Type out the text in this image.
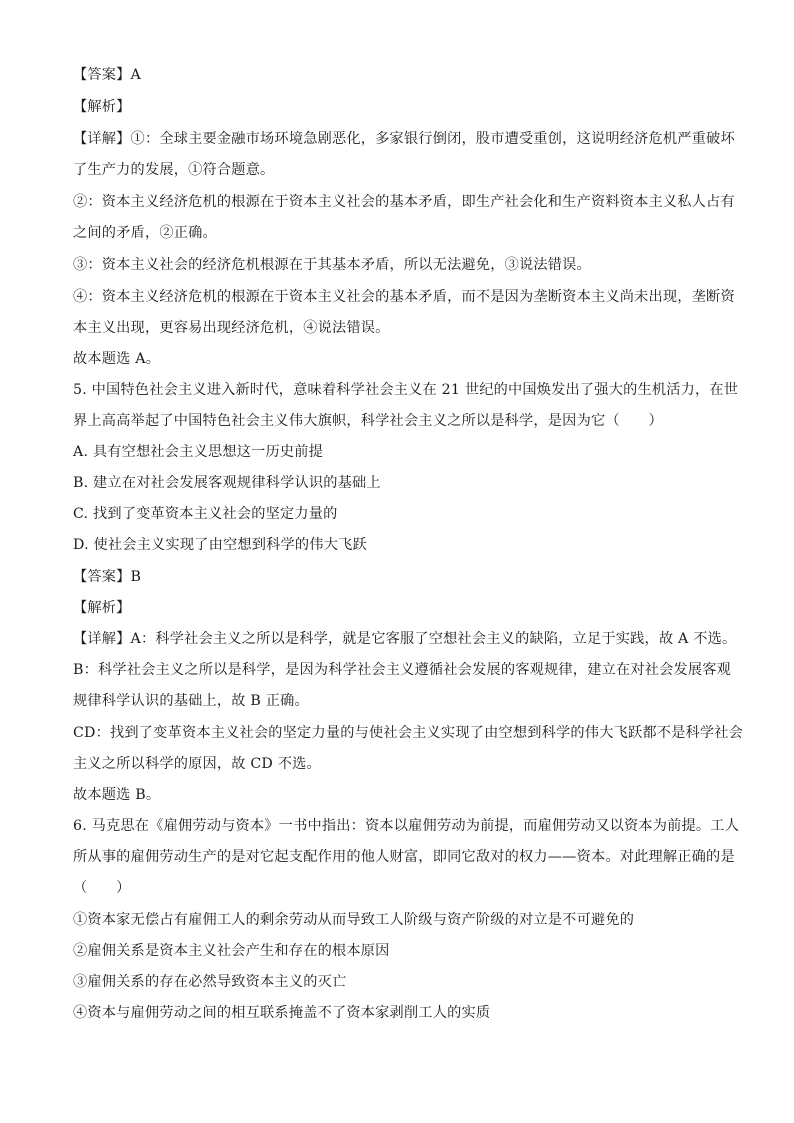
【答案】A
【解析】
【详解】①：全球主要金融市场环境急剧恶化，多家银行倒闭，股市遭受重创，这说明经济危机严重破坏
了生产力的发展，①符合题意。
②：资本主义经济危机的根源在于资本主义社会的基本矛盾，即生产社会化和生产资料资本主义私人占有
之间的矛盾，②正确。
③：资本主义社会的经济危机根源在于其基本矛盾，所以无法避免，③说法错误。
④：资本主义经济危机的根源在于资本主义社会的基本矛盾，而不是因为垄断资本主义尚未出现，垄断资
本主义出现，更容易出现经济危机，④说法错误。
故本题选 A。
5. 中国特色社会主义进入新时代，意味着科学社会主义在 21 世纪的中国焕发出了强大的生机活力，在世
界上高高举起了中国特色社会主义伟大旗帜，科学社会主义之所以是科学，是因为它（　　）
A. 具有空想社会主义思想这一历史前提
B. 建立在对社会发展客观规律科学认识的基础上
C. 找到了变革资本主义社会的坚定力量的
D. 使社会主义实现了由空想到科学的伟大飞跃
【答案】B
【解析】
【详解】A：科学社会主义之所以是科学，就是它客服了空想社会主义的缺陷，立足于实践，故 A 不选。
B：科学社会主义之所以是科学，是因为科学社会主义遵循社会发展的客观规律，建立在对社会发展客观
规律科学认识的基础上，故 B 正确。
CD：找到了变革资本主义社会的坚定力量的与使社会主义实现了由空想到科学的伟大飞跃都不是科学社会
主义之所以科学的原因，故 CD 不选。
故本题选 B。
6. 马克思在《雇佣劳动与资本》一书中指出：资本以雇佣劳动为前提，而雇佣劳动又以资本为前提。工人
所从事的雇佣劳动生产的是对它起支配作用的他人财富，即同它敌对的权力——资本。对此理解正确的是
（　　）
①资本家无偿占有雇佣工人的剩余劳动从而导致工人阶级与资产阶级的对立是不可避免的
②雇佣关系是资本主义社会产生和存在的根本原因
③雇佣关系的存在必然导致资本主义的灭亡
④资本与雇佣劳动之间的相互联系掩盖不了资本家剥削工人的实质
